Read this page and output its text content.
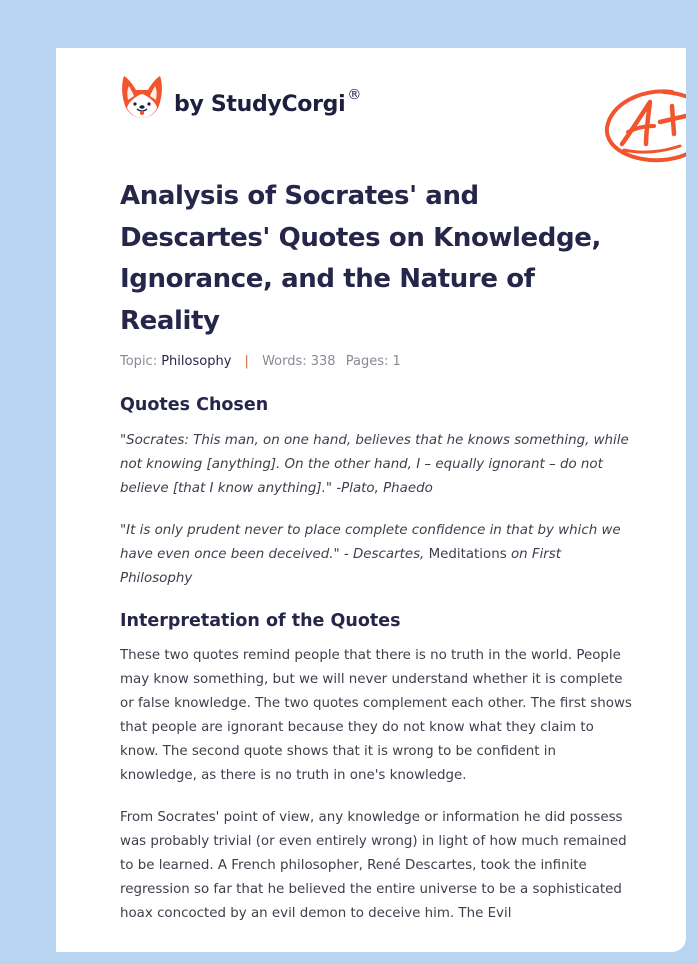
by StudyCorgi ®
Analysis of Socrates' and Descartes' Quotes on Knowledge, Ignorance, and the Nature of Reality
Topic: Philosophy | Words: 338 Pages: 1
Quotes Chosen

"Socrates: This man, on one hand, believes that he knows something, while not knowing [anything]. On the other hand, I – equally ignorant – do not believe [that I know anything]." -Plato, Phaedo

"It is only prudent never to place complete confidence in that by which we have even once been deceived." - Descartes, Meditations on First Philosophy

Interpretation of the Quotes

These two quotes remind people that there is no truth in the world. People may know something, but we will never understand whether it is complete or false knowledge. The two quotes complement each other. The first shows that people are ignorant because they do not know what they claim to know. The second quote shows that it is wrong to be confident in knowledge, as there is no truth in one's knowledge.

From Socrates' point of view, any knowledge or information he did possess was probably trivial (or even entirely wrong) in light of how much remained to be learned. A French philosopher, René Descartes, took the infinite regression so far that he believed the entire universe to be a sophisticated hoax concocted by an evil demon to deceive him. The Evil
